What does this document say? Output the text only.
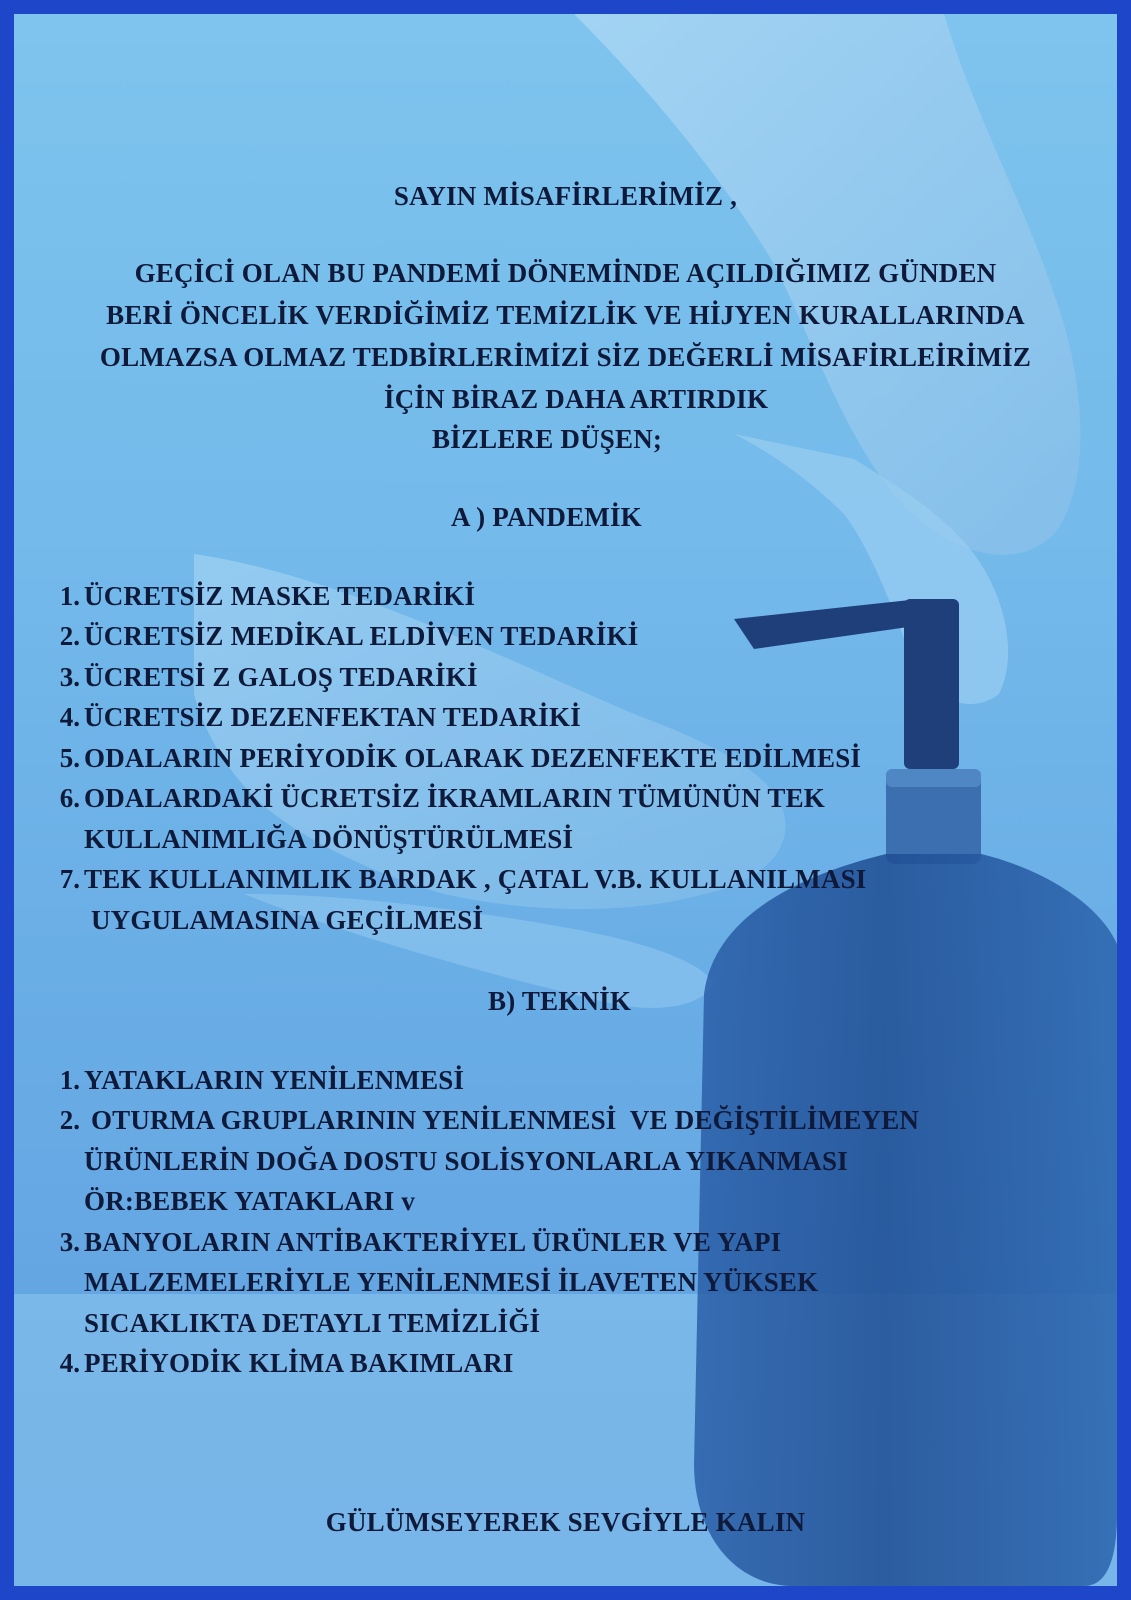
SAYIN MİSAFİRLERİMİZ ,
GEÇİCİ OLAN BU PANDEMİ DÖNEMİNDE AÇILDIĞIMIZ GÜNDEN
BERİ ÖNCELİK VERDİĞİMİZ TEMİZLİK VE HİJYEN KURALLARINDA
OLMAZSA OLMAZ TEDBİRLERİMİZİ SİZ DEĞERLİ MİSAFİRLEİRİMİZ
İÇİN BİRAZ DAHA ARTIRDIK
BİZLERE DÜŞEN;
A ) PANDEMİK
1. ÜCRETSİZ MASKE TEDARİKİ
2. ÜCRETSİZ MEDİKAL ELDİVEN TEDARİKİ
3. ÜCRETSİ Z GALOŞ TEDARİKİ
4. ÜCRETSİZ DEZENFEKTAN TEDARİKİ
5. ODALARIN PERİYODİK OLARAK DEZENFEKTE EDİLMESİ
6. ODALARDAKİ ÜCRETSİZ İKRAMLARIN TÜMÜNÜN TEK
KULLANIMLIĞA DÖNÜŞTÜRÜLMESİ
7. TEK KULLANIMLIK BARDAK , ÇATAL V.B. KULLANILMASI
UYGULAMASINA GEÇİLMESİ
B) TEKNİK
1. YATAKLARIN YENİLENMESİ
2. OTURMA GRUPLARININ YENİLENMESİ  VE DEĞİŞTİLİMEYEN
ÜRÜNLERİN DOĞA DOSTU SOLİSYONLARLA YIKANMASI
ÖR:BEBEK YATAKLARI v
3. BANYOLARIN ANTİBAKTERİYEL ÜRÜNLER VE YAPI
MALZEMELERİYLE YENİLENMESİ İLAVETEN YÜKSEK
SICAKLIKTA DETAYLI TEMİZLİĞİ
4. PERİYODİK KLİMA BAKIMLARI
GÜLÜMSEYEREK SEVGİYLE KALIN
